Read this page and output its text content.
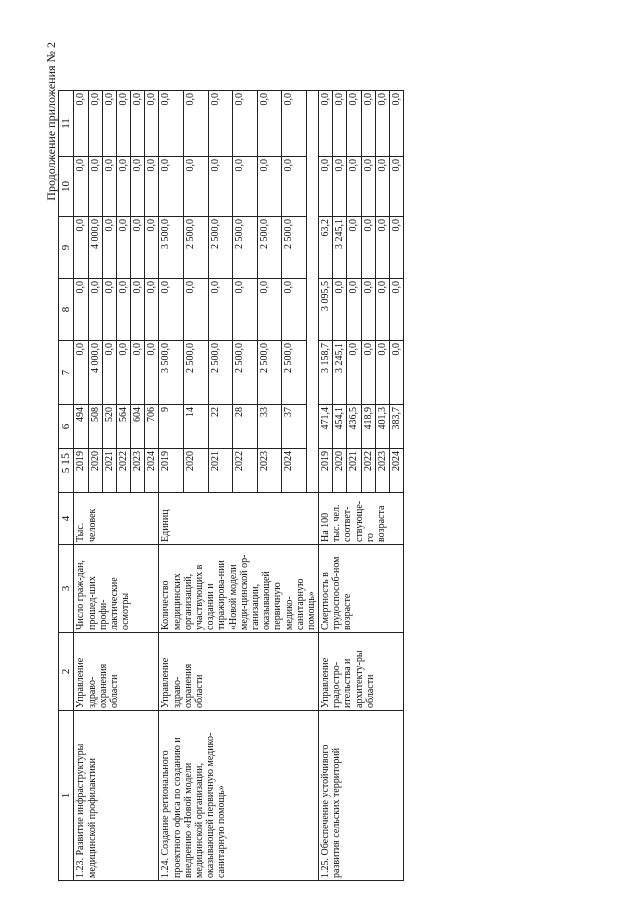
15
Продолжение приложения № 2
1	2	3	4	5	6	7	8	9	10	11
1.23. Развитие инфраструктуры медицинской профилактики	Управление здраво-охранения области	Число граж-дан, прошед-ших профи-лактические осмотры	Тыс. человек	2019	494	0,0	0,0	0,0	0,0	0,0
				2020	508	4 000,0	0,0	4 000,0	0,0	0,0
				2021	520	0,0	0,0	0,0	0,0	0,0
				2022	564	0,0	0,0	0,0	0,0	0,0
				2023	604	0,0	0,0	0,0	0,0	0,0
				2024	706	0,0	0,0	0,0	0,0	0,0
1.24. Создание регионального проектного офиса по созданию и внедрению «Новой модели медицинской организации, оказывающей первичную медико-санитарную помощь»	Управление здраво-охранения области	Количество медицинских организаций, участвующих в создании и тиражирова-нии «Новой модели меди-цинской ор-ганизации, оказывающей первичную медико-санитарную помощь»	Единиц	2019	9	3 500,0	0,0	3 500,0	0,0	0,0
				2020	14	2 500,0	0,0	2 500,0	0,0	0,0
				2021	22	2 500,0	0,0	2 500,0	0,0	0,0
				2022	28	2 500,0	0,0	2 500,0	0,0	0,0
				2023	33	2 500,0	0,0	2 500,0	0,0	0,0
				2024	37	2 500,0	0,0	2 500,0	0,0	0,0

1.25. Обеспечение устойчивого развития сельских территорий	Управление градостро-ительства и архитекту-ры области	Смертность в трудоспособ-ном возрасте	На 100 тыс. чел. соответ-ствующе-го возраста	2019	471,4	3 158,7	3 095,5	63,2	0,0	0,0
				2020	454,1	3 245,1	0,0	3 245,1	0,0	0,0
				2021	436,5	0,0	0,0	0,0	0,0	0,0
				2022	418,9	0,0	0,0	0,0	0,0	0,0
				2023	401,3	0,0	0,0	0,0	0,0	0,0
				2024	383,7	0,0	0,0	0,0	0,0	0,0
